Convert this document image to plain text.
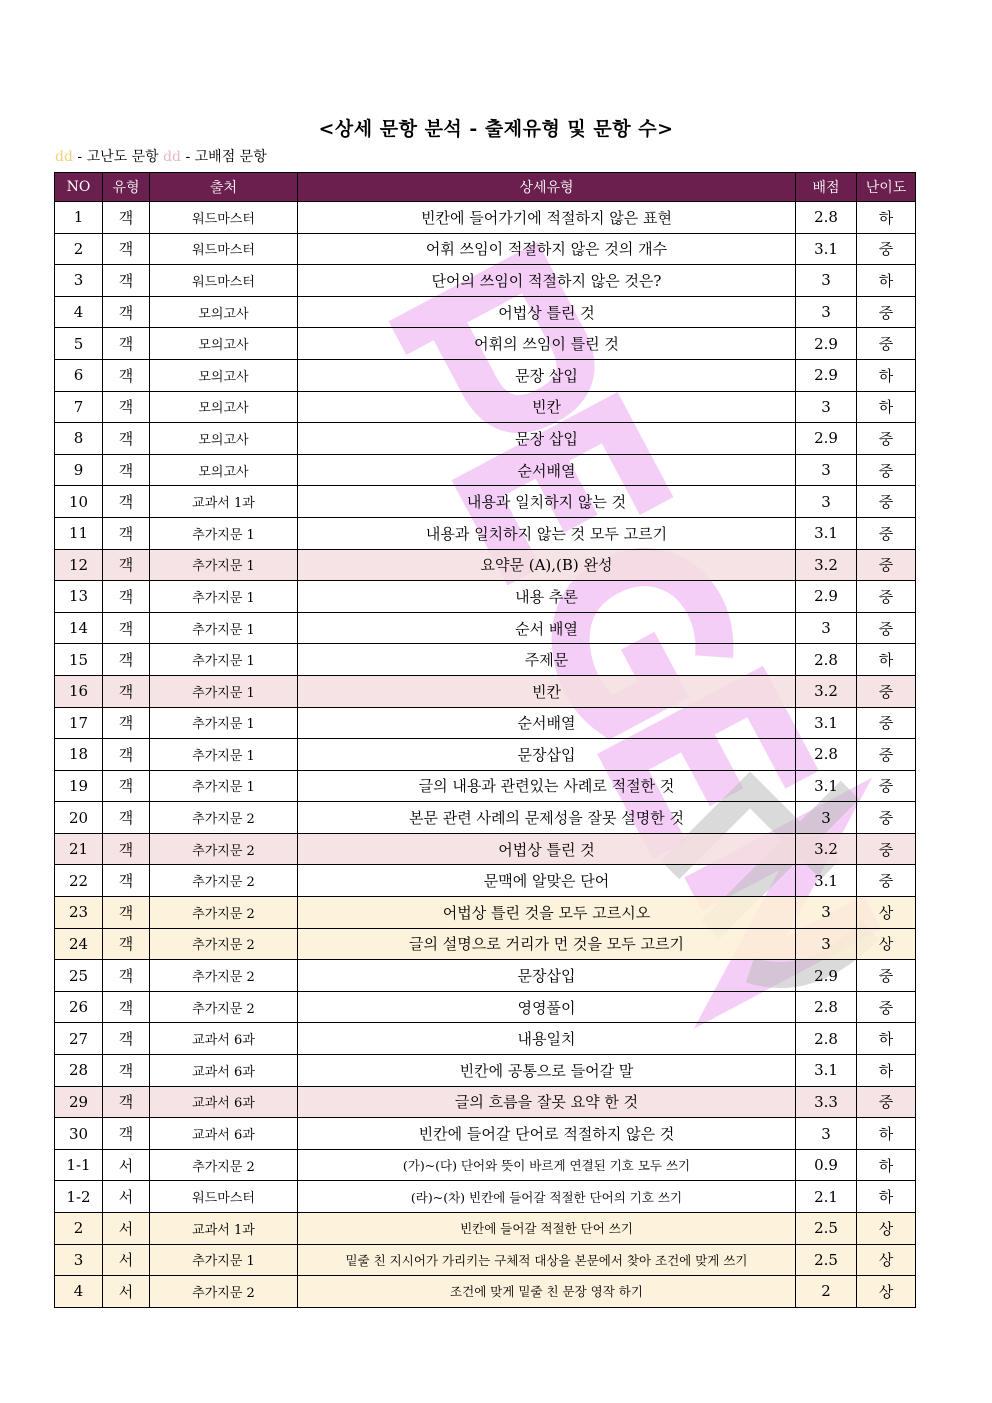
<상세 문항 분석 - 출제유형 및 문항 수>
dd - 고난도 문항 dd - 고배점 문항
NO	유형	출처	상세유형	배점	난이도
1	객	워드마스터	빈칸에 들어가기에 적절하지 않은 표현	2.8	하
2	객	워드마스터	어휘 쓰임이 적절하지 않은 것의 개수	3.1	중
3	객	워드마스터	단어의 쓰임이 적절하지 않은 것은?	3	하
4	객	모의고사	어법상 틀린 것	3	중
5	객	모의고사	어휘의 쓰임이 틀린 것	2.9	중
6	객	모의고사	문장 삽입	2.9	하
7	객	모의고사	빈칸	3	하
8	객	모의고사	문장 삽입	2.9	중
9	객	모의고사	순서배열	3	중
10	객	교과서 1과	내용과 일치하지 않는 것	3	중
11	객	추가지문 1	내용과 일치하지 않는 것 모두 고르기	3.1	중
12	객	추가지문 1	요약문 (A),(B) 완성	3.2	중
13	객	추가지문 1	내용 추론	2.9	중
14	객	추가지문 1	순서 배열	3	중
15	객	추가지문 1	주제문	2.8	하
16	객	추가지문 1	빈칸	3.2	중
17	객	추가지문 1	순서배열	3.1	중
18	객	추가지문 1	문장삽입	2.8	중
19	객	추가지문 1	글의 내용과 관련있는 사례로 적절한 것	3.1	중
20	객	추가지문 2	본문 관련 사례의 문제성을 잘못 설명한 것	3	중
21	객	추가지문 2	어법상 틀린 것	3.2	중
22	객	추가지문 2	문맥에 알맞은 단어	3.1	중
23	객	추가지문 2	어법상 틀린 것을 모두 고르시오	3	상
24	객	추가지문 2	글의 설명으로 거리가 먼 것을 모두 고르기	3	상
25	객	추가지문 2	문장삽입	2.9	중
26	객	추가지문 2	영영풀이	2.8	중
27	객	교과서 6과	내용일치	2.8	하
28	객	교과서 6과	빈칸에 공통으로 들어갈 말	3.1	하
29	객	교과서 6과	글의 흐름을 잘못 요약 한 것	3.3	중
30	객	교과서 6과	빈칸에 들어갈 단어로 적절하지 않은 것	3	하
1-1	서	추가지문 2	(가)~(다) 단어와 뜻이 바르게 연결된 기호 모두 쓰기	0.9	하
1-2	서	워드마스터	(라)~(차) 빈칸에 들어갈 적절한 단어의 기호 쓰기	2.1	하
2	서	교과서 1과	빈칸에 들어갈 적절한 단어 쓰기	2.5	상
3	서	추가지문 1	밑줄 친 지시어가 가리키는 구체적 대상을 본문에서 찾아 조건에 맞게 쓰기	2.5	상
4	서	추가지문 2	조건에 맞게 밑줄 친 문장 영작 하기	2	상
